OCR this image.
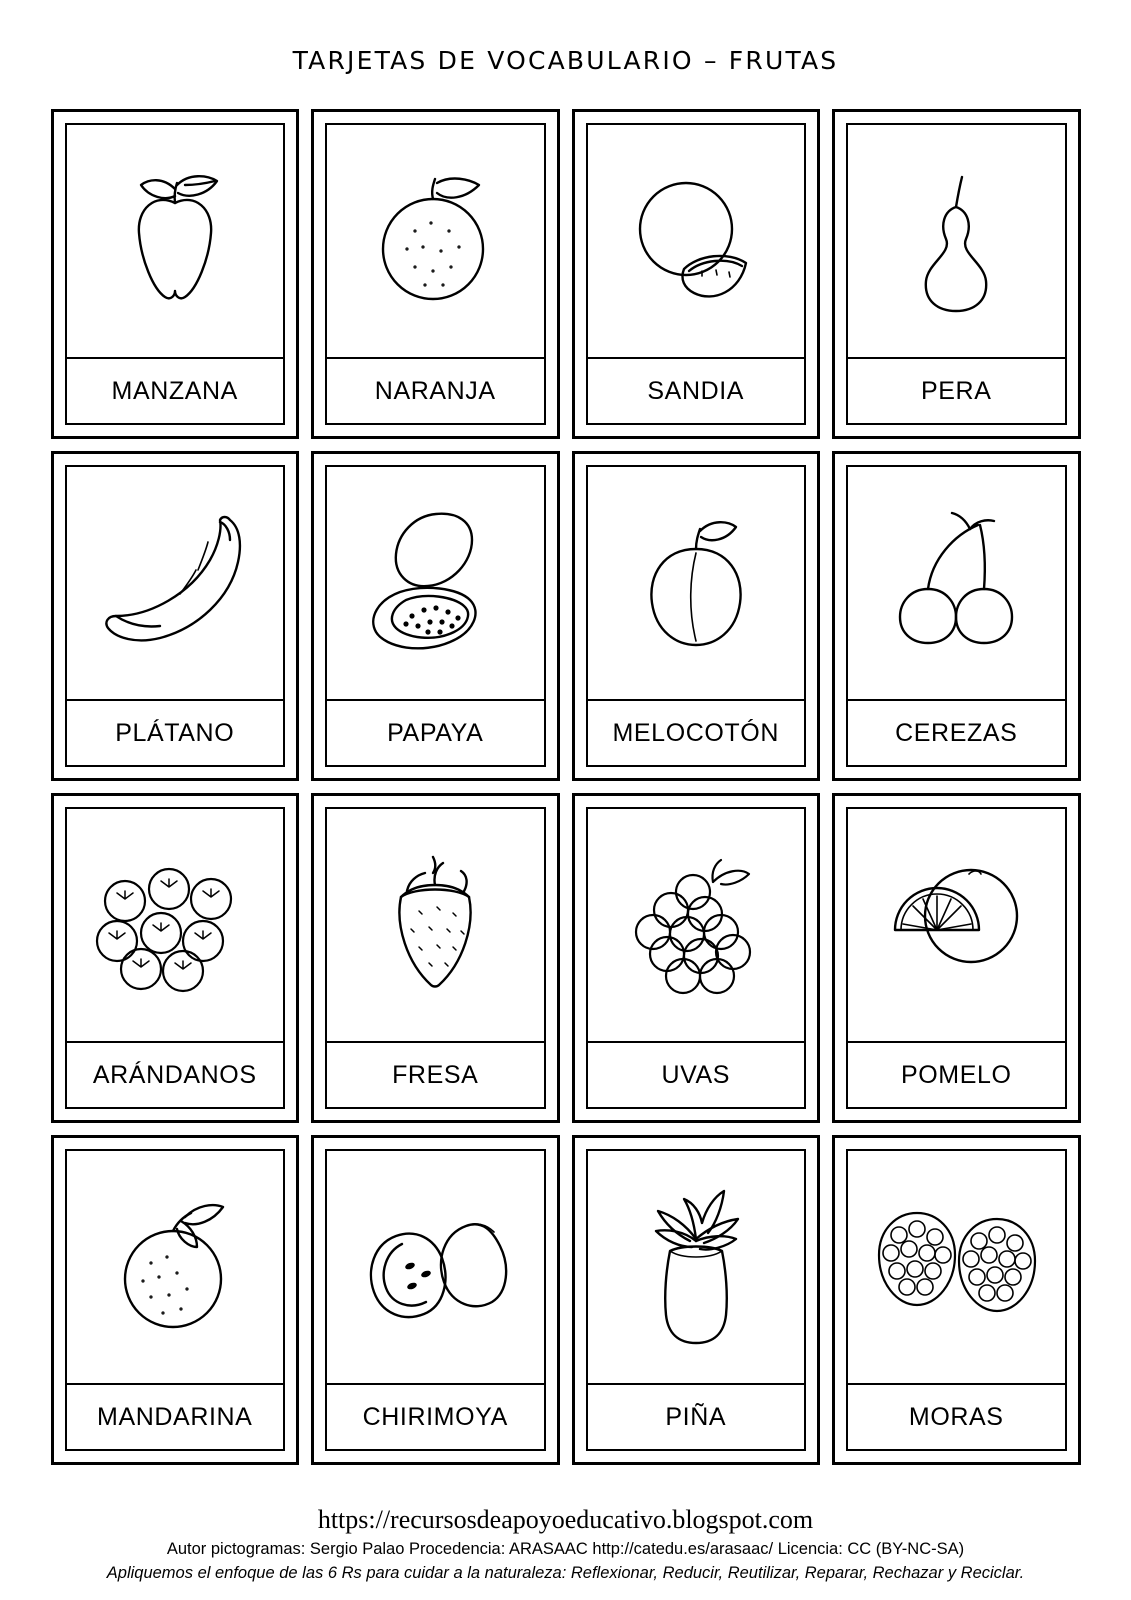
TARJETAS DE VOCABULARIO – FRUTAS
MANZANA	NARANJA	SANDIA	PERA
PLÁTANO	PAPAYA	MELOCOTÓN	CEREZAS
ARÁNDANOS	FRESA	UVAS	POMELO
MANDARINA	CHIRIMOYA	PIÑA	MORAS
https://recursosdeapoyoeducativo.blogspot.com
Autor pictogramas: Sergio Palao Procedencia: ARASAAC http://catedu.es/arasaac/ Licencia: CC (BY-NC-SA)
Apliquemos el enfoque de las 6 Rs para cuidar a la naturaleza: Reflexionar, Reducir, Reutilizar, Reparar, Rechazar y Reciclar.
